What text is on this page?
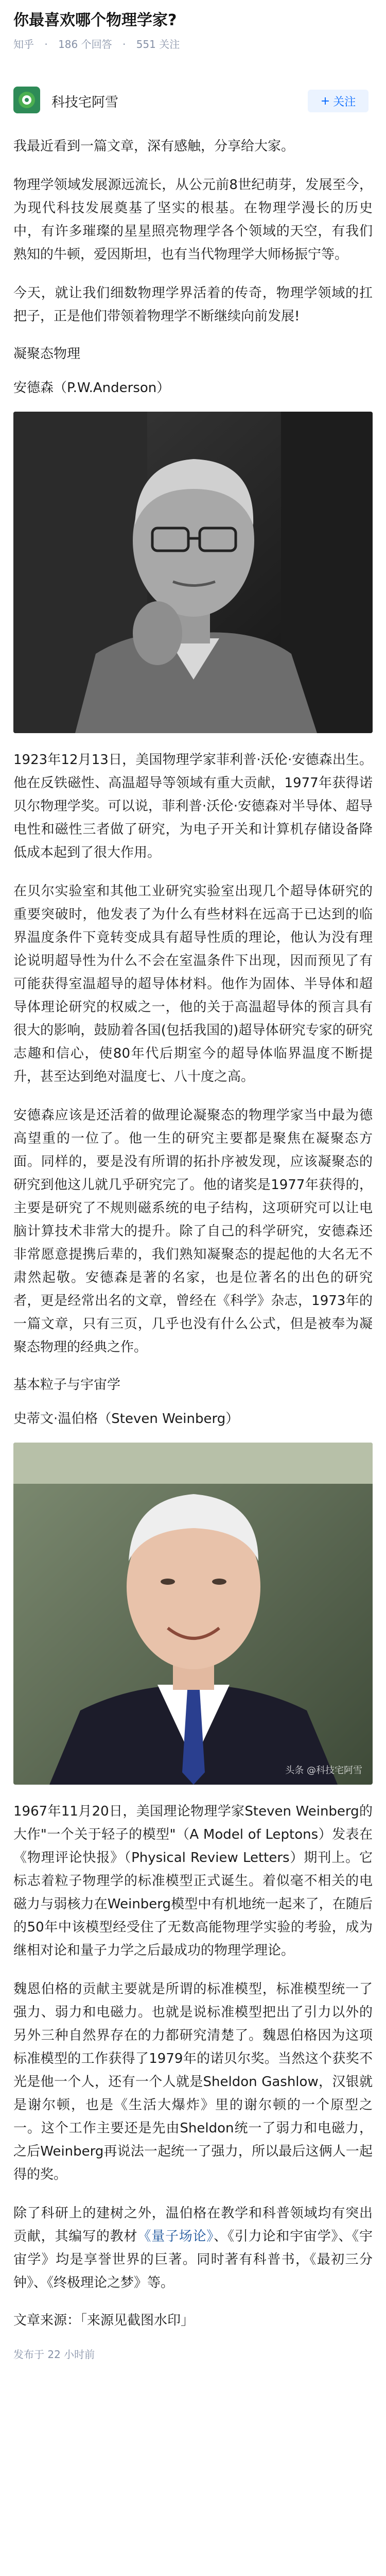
你最喜欢哪个物理学家?
知乎 · 186 个回答 · 551 关注
科技宅阿雪	+ 关注

我最近看到一篇文章，深有感触，分享给大家。

物理学领域发展源远流长，从公元前8世纪萌芽，发展至今，为现代科技发展奠基了坚实的根基。在物理学漫长的历史中，有许多璀璨的星星照亮物理学各个领域的天空，有我们熟知的牛顿，爱因斯坦，也有当代物理学大师杨振宁等。

今天，就让我们细数物理学界活着的传奇，物理学领域的扛把子，正是他们带领着物理学不断继续向前发展!

凝聚态物理
安德森（P.W.Anderson）

1923年12月13日，美国物理学家菲利普·沃伦·安德森出生。他在反铁磁性、高温超导等领域有重大贡献，1977年获得诺贝尔物理学奖。可以说，菲利普·沃伦·安德森对半导体、超导电性和磁性三者做了研究，为电子开关和计算机存储设备降低成本起到了很大作用。

在贝尔实验室和其他工业研究实验室出现几个超导体研究的重要突破时，他发表了为什么有些材料在远高于已达到的临界温度条件下竟转变成具有超导性质的理论，他认为没有理论说明超导性为什么不会在室温条件下出现，因而预见了有可能获得室温超导的超导体材料。他作为固体、半导体和超导体理论研究的权威之一，他的关于高温超导体的预言具有很大的影响，鼓励着各国(包括我国的)超导体研究专家的研究志趣和信心，使80年代后期室今的超导体临界温度不断提升，甚至达到绝对温度七、八十度之高。

安德森应该是还活着的做理论凝聚态的物理学家当中最为德高望重的一位了。他一生的研究主要都是聚焦在凝聚态方面。同样的，要是没有所谓的拓扑序被发现，应该凝聚态的研究到他这儿就几乎研究完了。他的诸奖是1977年获得的，主要是研究了不规则磁系统的电子结构，这项研究可以让电脑计算技术非常大的提升。除了自己的科学研究，安德森还非常愿意提携后辈的，我们熟知凝聚态的提起他的大名无不肃然起敬。安德森是著的名家，也是位著名的出色的研究者，更是经常出名的文章，曾经在《科学》杂志，1973年的一篇文章，只有三页，几乎也没有什么公式，但是被奉为凝聚态物理的经典之作。

基本粒子与宇宙学
史蒂文·温伯格（Steven Weinberg）
头条 @科技宅阿雪

1967年11月20日，美国理论物理学家Steven Weinberg的大作"一个关于轻子的模型"（A Model of Leptons）发表在《物理评论快报》（Physical Review Letters）期刊上。它标志着粒子物理学的标准模型正式诞生。着似毫不相关的电磁力与弱核力在Weinberg模型中有机地统一起来了，在随后的50年中该模型经受住了无数高能物理学实验的考验，成为继相对论和量子力学之后最成功的物理学理论。

魏恩伯格的贡献主要就是所谓的标准模型，标准模型统一了强力、弱力和电磁力。也就是说标准模型把出了引力以外的另外三种自然界存在的力都研究清楚了。魏恩伯格因为这项标准模型的工作获得了1979年的诺贝尔奖。当然这个获奖不光是他一个人，还有一个人就是Sheldon Gashlow，汉银就是谢尔顿，也是《生活大爆炸》里的谢尔顿的一个原型之一。这个工作主要还是先由Sheldon统一了弱力和电磁力，之后Weinberg再说法一起统一了强力，所以最后这俩人一起得的奖。

除了科研上的建树之外，温伯格在教学和科普领域均有突出贡献，其编写的教材《量子场论》、《引力论和宇宙学》、《宇宙学》均是享誉世界的巨著。同时著有科普书，《最初三分钟》、《终极理论之梦》等。

文章来源：「来源见截图水印」
发布于 22 小时前
